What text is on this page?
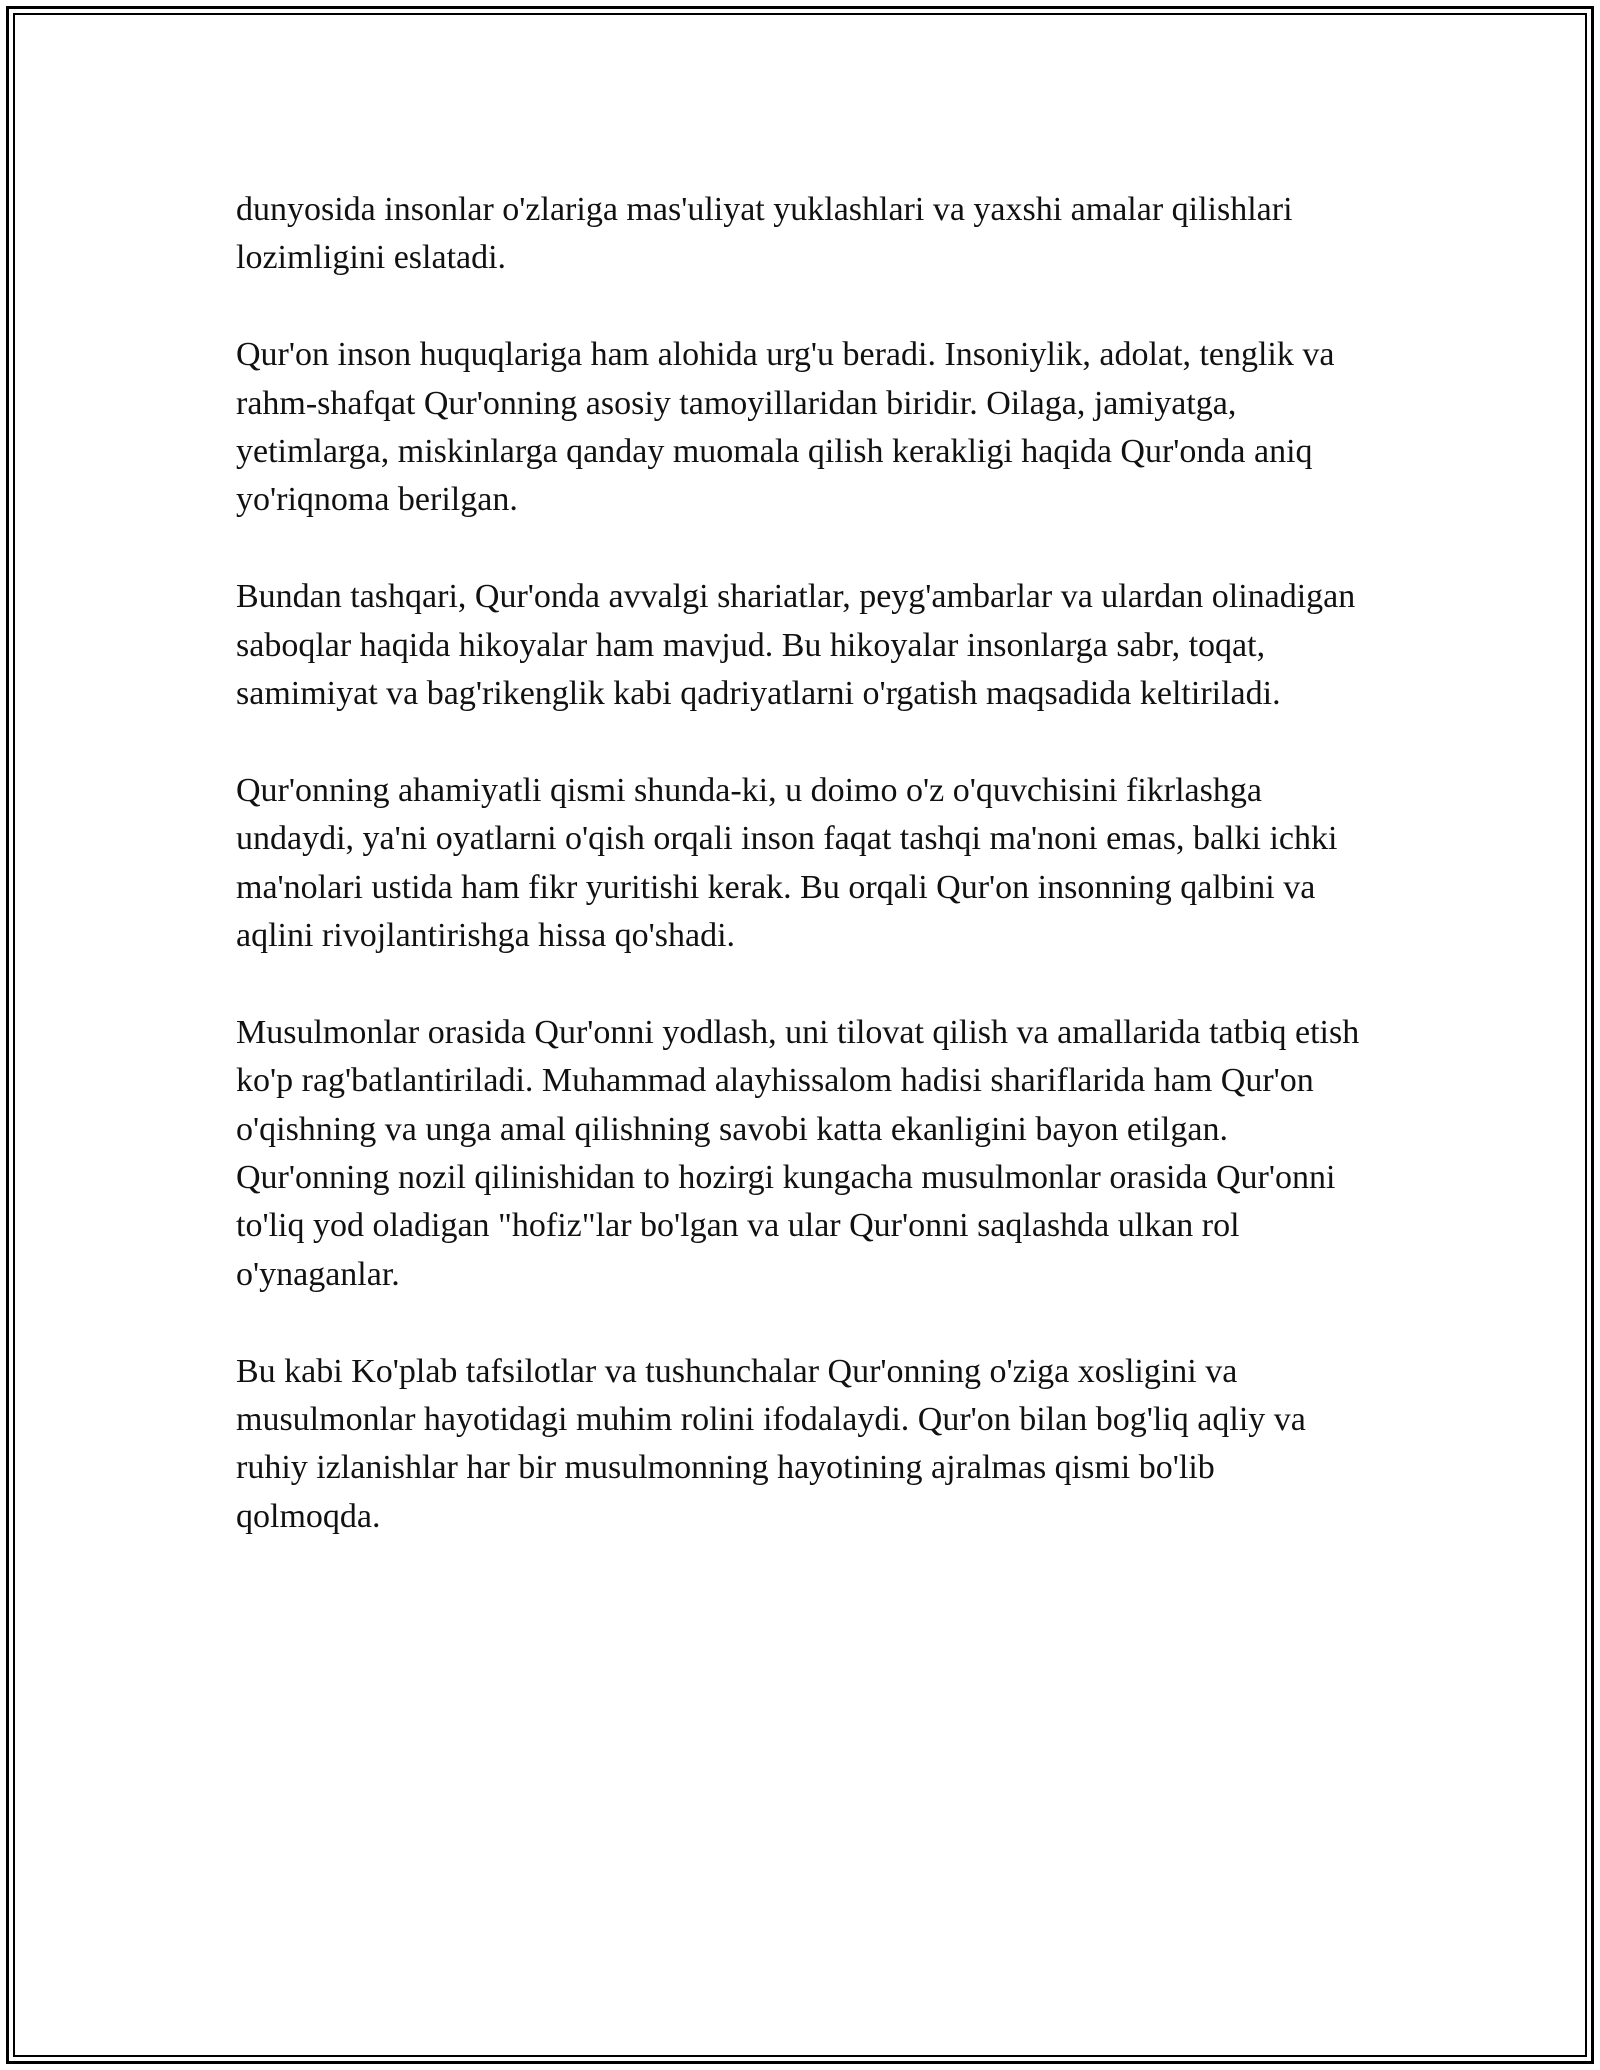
dunyosida insonlar o'zlariga mas'uliyat yuklashlari va yaxshi amalar qilishlari lozimligini eslatadi.

Qur'on inson huquqlariga ham alohida urg'u beradi. Insoniylik, adolat, tenglik va rahm-shafqat Qur'onning asosiy tamoyillaridan biridir. Oilaga, jamiyatga, yetimlarga, miskinlarga qanday muomala qilish kerakligi haqida Qur'onda aniq yo'riqnoma berilgan.

Bundan tashqari, Qur'onda avvalgi shariatlar, peyg'ambarlar va ulardan olinadigan saboqlar haqida hikoyalar ham mavjud. Bu hikoyalar insonlarga sabr, toqat, samimiyat va bag'rikenglik kabi qadriyatlarni o'rgatish maqsadida keltiriladi.

Qur'onning ahamiyatli qismi shunda-ki, u doimo o'z o'quvchisini fikrlashga undaydi, ya'ni oyatlarni o'qish orqali inson faqat tashqi ma'noni emas, balki ichki ma'nolari ustida ham fikr yuritishi kerak. Bu orqali Qur'on insonning qalbini va aqlini rivojlantirishga hissa qo'shadi.

Musulmonlar orasida Qur'onni yodlash, uni tilovat qilish va amallarida tatbiq etish ko'p rag'batlantiriladi. Muhammad alayhissalom hadisi shariflarida ham Qur'on o'qishning va unga amal qilishning savobi katta ekanligini bayon etilgan. Qur'onning nozil qilinishidan to hozirgi kungacha musulmonlar orasida Qur'onni to'liq yod oladigan "hofiz"lar bo'lgan va ular Qur'onni saqlashda ulkan rol o'ynaganlar.

Bu kabi Ko'plab tafsilotlar va tushunchalar Qur'onning o'ziga xosligini va musulmonlar hayotidagi muhim rolini ifodalaydi. Qur'on bilan bog'liq aqliy va ruhiy izlanishlar har bir musulmonning hayotining ajralmas qismi bo'lib qolmoqda.
